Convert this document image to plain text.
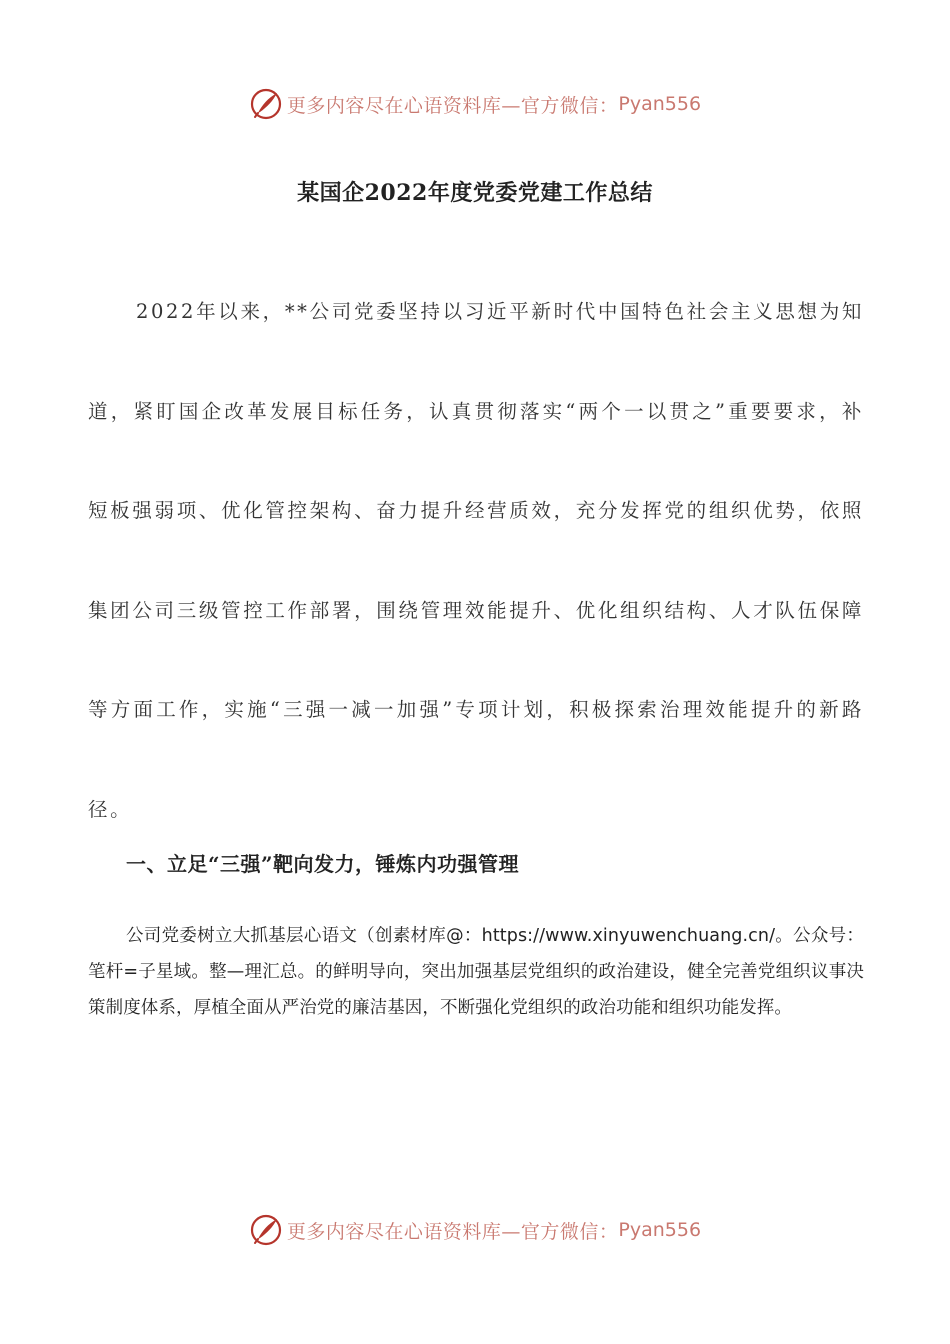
更多内容尽在心语资料库—官方微信： Pyan556
某国企2022年度党委党建工作总结

2022年以来，**公司党委坚持以习近平新时代中国特色社会主义思想为知道，紧盯国企改革发展目标任务，认真贯彻落实“两个一以贯之”重要要求，补短板强弱项、优化管控架构、奋力提升经营质效，充分发挥党的组织优势，依照集团公司三级管控工作部署，围绕管理效能提升、优化组织结构、人才队伍保障等方面工作，实施“三强一减一加强”专项计划，积极探索治理效能提升的新路径。

一、立足“三强”靶向发力，锤炼内功强管理

公司党委树立大抓基层心语文（创素材库@：https://www.xinyuwenchuang.cn/。公众号：笔杆=子星域。整—理汇总。的鲜明导向，突出加强基层党组织的政治建设，健全完善党组织议事决策制度体系，厚植全面从严治党的廉洁基因，不断强化党组织的政治功能和组织功能发挥。

更多内容尽在心语资料库—官方微信： Pyan556
